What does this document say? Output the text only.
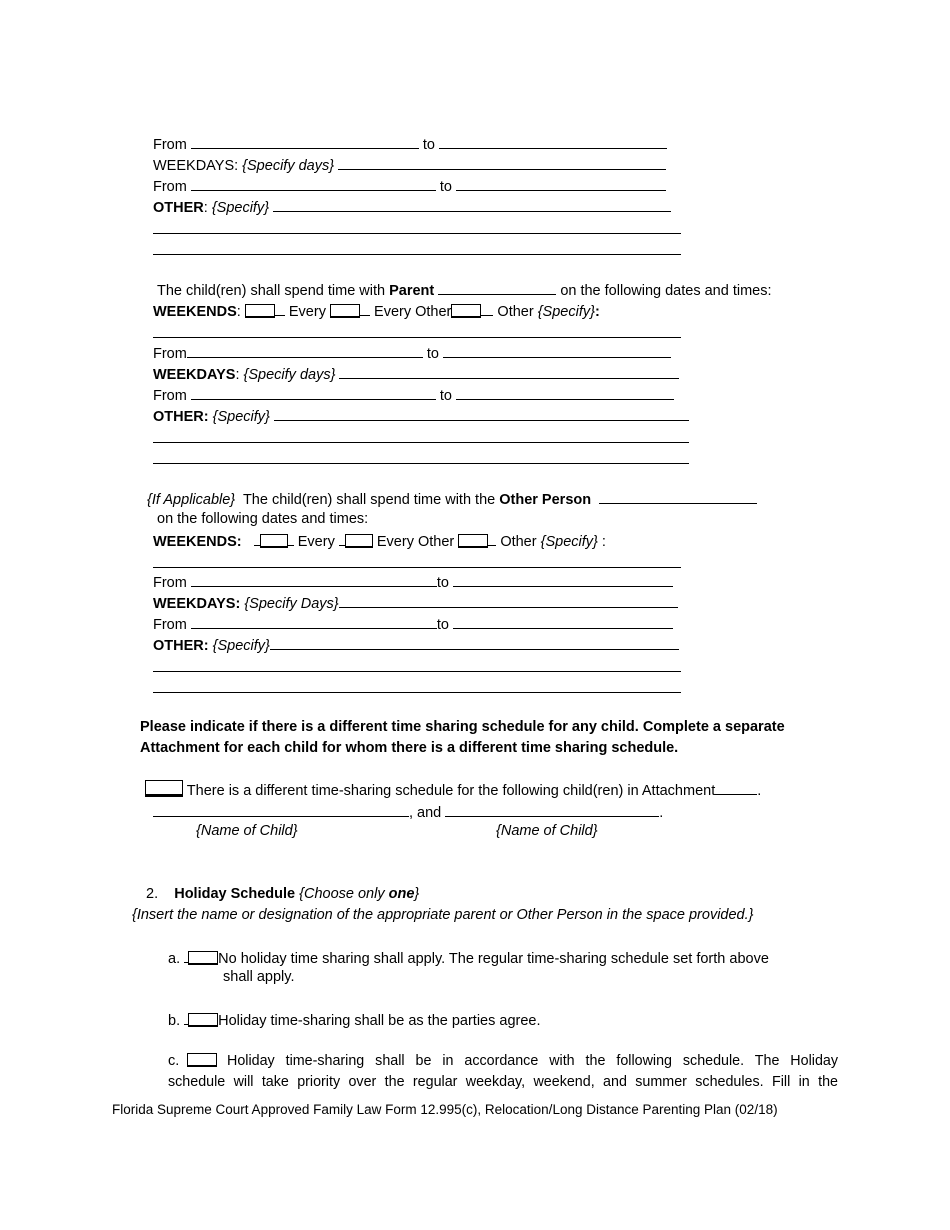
From	to
WEEKDAYS: {Specify days}
From	to
OTHER: {Specify}
The child(ren) shall spend time with Parent	on the following dates and times:
WEEKENDS:	Every	Every Other	Other {Specify}:
From	to
WEEKDAYS: {Specify days}
From	to
OTHER: {Specify}
{If Applicable} The child(ren) shall spend time with the Other Person
on the following dates and times:
WEEKENDS:	Every	Every Other	Other {Specify} :
From	to
WEEKDAYS: {Specify Days}
From	to
OTHER: {Specify}
Please indicate if there is a different time sharing schedule for any child. Complete a separate
Attachment for each child for whom there is a different time sharing schedule.
There is a different time-sharing schedule for the following child(ren) in Attachment	.
, and	.
{Name of Child}	{Name of Child}
2. Holiday Schedule {Choose only one}
{Insert the name or designation of the appropriate parent or Other Person in the space provided.}
a.	No holiday time sharing shall apply. The regular time-sharing schedule set forth above
shall apply.
b.	Holiday time-sharing shall be as the parties agree.
c.	Holiday time-sharing shall be in accordance with the following schedule. The Holiday
schedule will take priority over the regular weekday, weekend, and summer schedules. Fill in the
Florida Supreme Court Approved Family Law Form 12.995(c), Relocation/Long Distance Parenting Plan (02/18)
